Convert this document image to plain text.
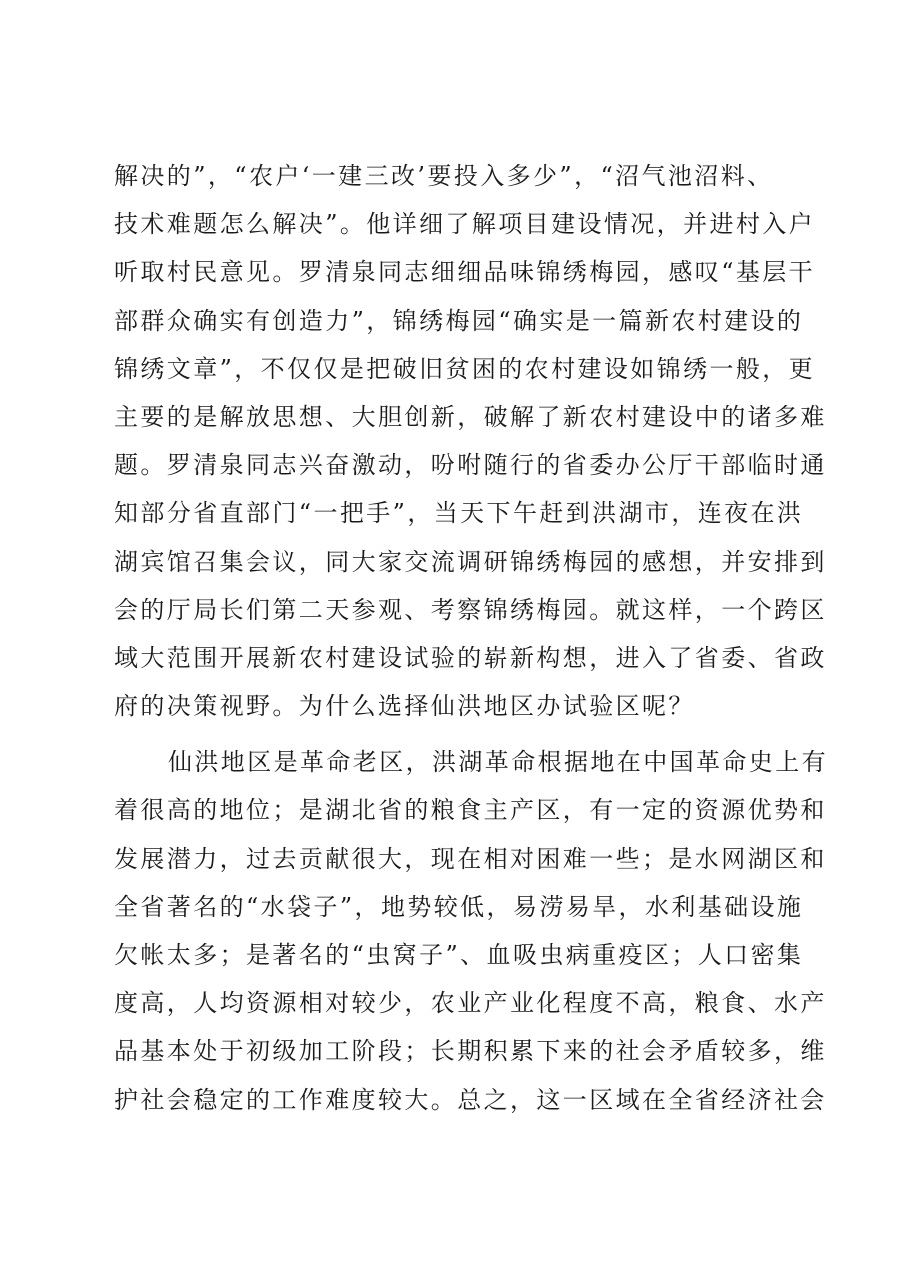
解决的”，“农户‘一建三改’要投入多少”，“沼气池沼料、
技术难题怎么解决”。他详细了解项目建设情况，并进村入户
听取村民意见。罗清泉同志细细品味锦绣梅园，感叹“基层干
部群众确实有创造力”，锦绣梅园“确实是一篇新农村建设的
锦绣文章”，不仅仅是把破旧贫困的农村建设如锦绣一般，更
主要的是解放思想、大胆创新，破解了新农村建设中的诸多难
题。罗清泉同志兴奋激动，吩咐随行的省委办公厅干部临时通
知部分省直部门“一把手”，当天下午赶到洪湖市，连夜在洪
湖宾馆召集会议，同大家交流调研锦绣梅园的感想，并安排到
会的厅局长们第二天参观、考察锦绣梅园。就这样，一个跨区
域大范围开展新农村建设试验的崭新构想，进入了省委、省政
府的决策视野。为什么选择仙洪地区办试验区呢？
仙洪地区是革命老区，洪湖革命根据地在中国革命史上有
着很高的地位；是湖北省的粮食主产区，有一定的资源优势和
发展潜力，过去贡献很大，现在相对困难一些；是水网湖区和
全省著名的“水袋子”，地势较低，易涝易旱，水利基础设施
欠帐太多；是著名的“虫窝子”、血吸虫病重疫区；人口密集
度高，人均资源相对较少，农业产业化程度不高，粮食、水产
品基本处于初级加工阶段；长期积累下来的社会矛盾较多，维
护社会稳定的工作难度较大。总之，这一区域在全省经济社会
